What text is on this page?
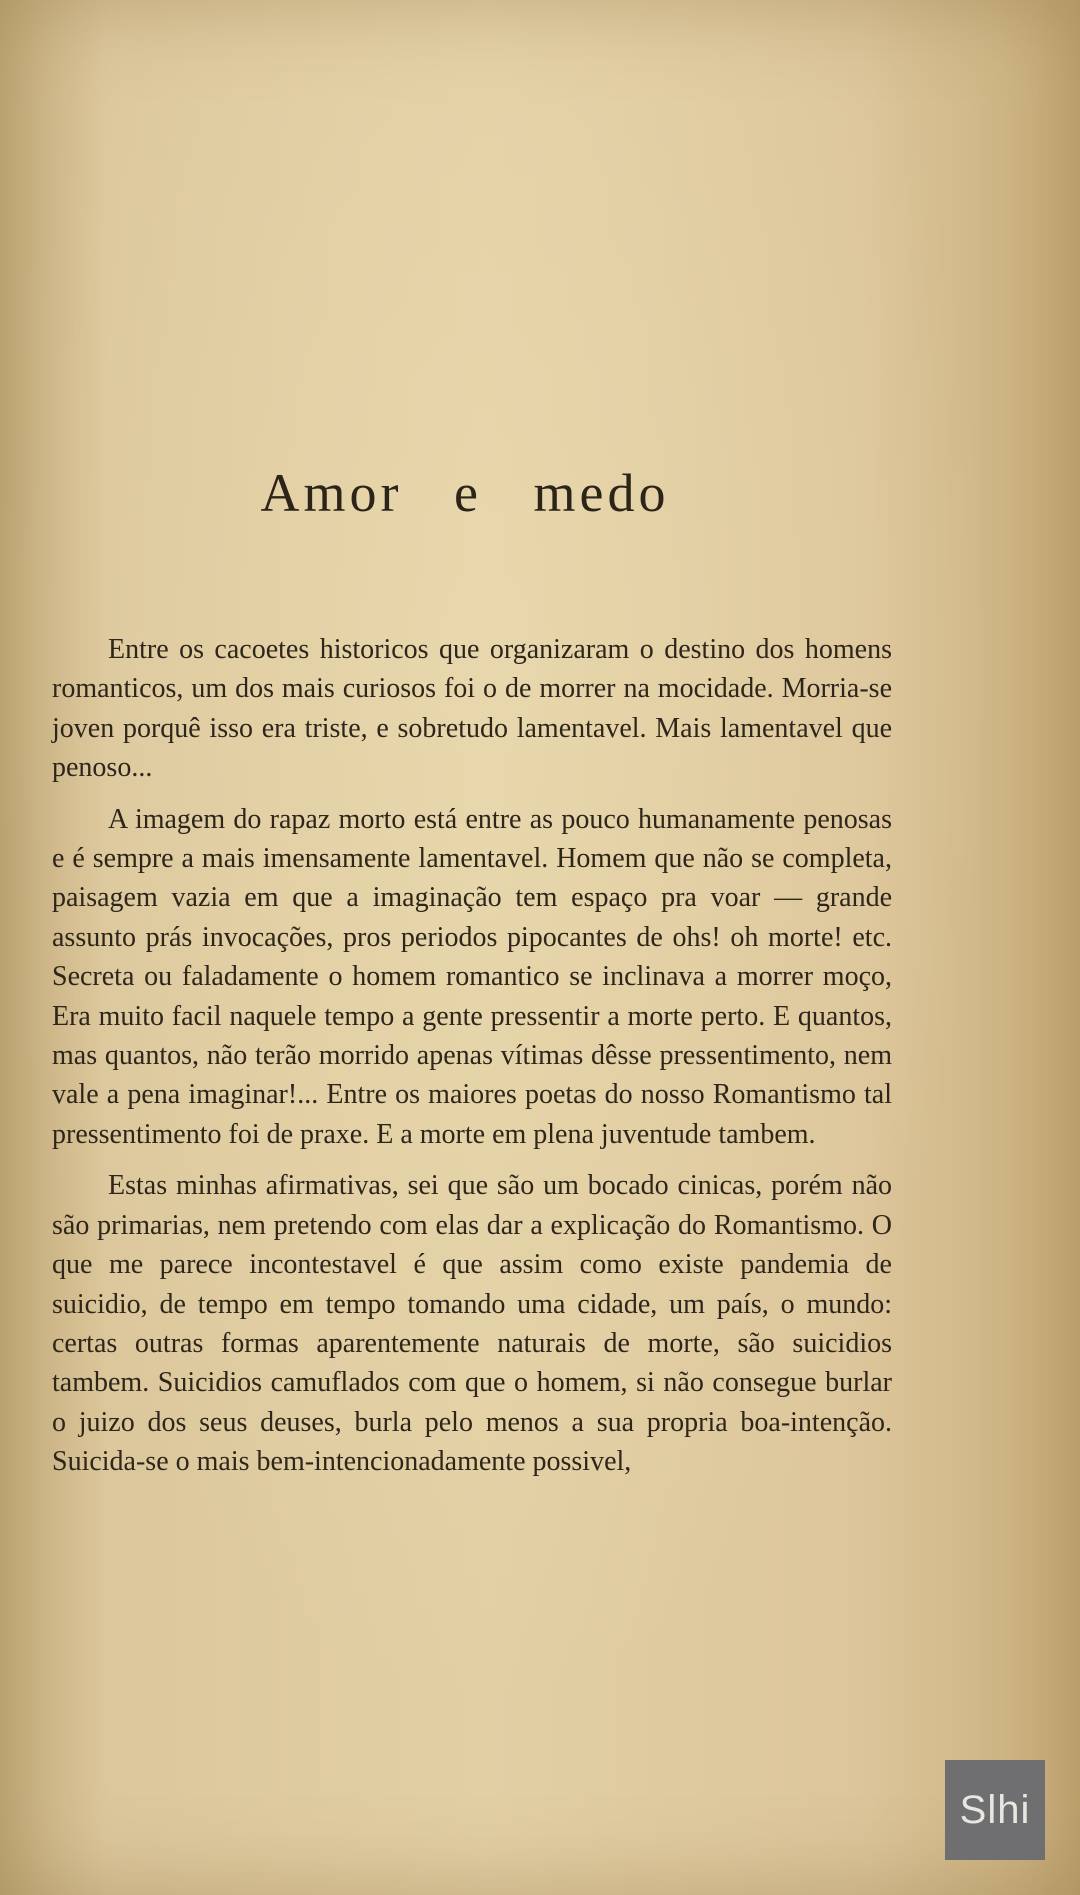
Amor e medo

Entre os cacoetes historicos que organizaram o destino dos homens romanticos, um dos mais curiosos foi o de morrer na mocidade. Morria-se joven porquê isso era triste, e sobretudo lamentavel. Mais lamentavel que penoso...

A imagem do rapaz morto está entre as pouco humanamente penosas e é sempre a mais imensamente lamentavel. Homem que não se completa, paisagem vazia em que a imaginação tem espaço pra voar — grande assunto prás invocações, pros periodos pipocantes de ohs! oh morte! etc. Secreta ou faladamente o homem romantico se inclinava a morrer moço, Era muito facil naquele tempo a gente pressentir a morte perto. E quantos, mas quantos, não terão morrido apenas vítimas dêsse pressentimento, nem vale a pena imaginar!... Entre os maiores poetas do nosso Romantismo tal pressentimento foi de praxe. E a morte em plena juventude tambem.

Estas minhas afirmativas, sei que são um bocado cinicas, porém não são primarias, nem pretendo com elas dar a explicação do Romantismo. O que me parece incontestavel é que assim como existe pandemia de suicidio, de tempo em tempo tomando uma cidade, um país, o mundo: certas outras formas aparentemente naturais de morte, são suicidios tambem. Suicidios camuflados com que o homem, si não consegue burlar o juizo dos seus deuses, burla pelo menos a sua propria boa-intenção. Suicida-se o mais bem-intencionadamente possivel,

Slhi
